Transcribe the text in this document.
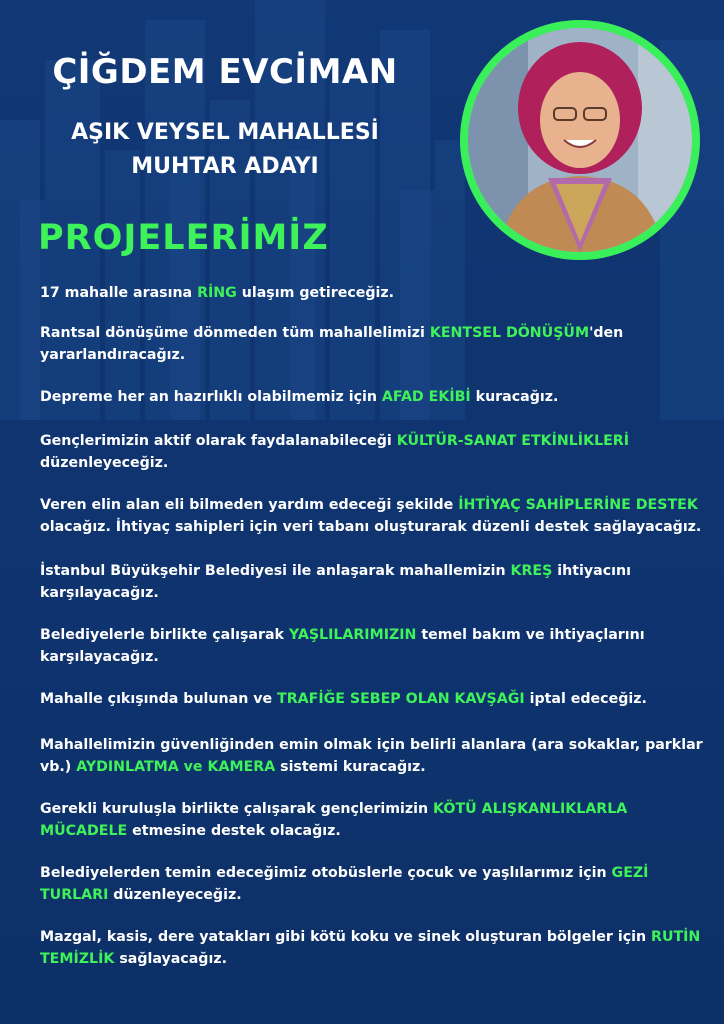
ÇİĞDEM EVCİMAN
AŞIK VEYSEL MAHALLESİ
MUHTAR ADAYI
PROJELERİMİZ
17 mahalle arasına RİNG ulaşım getireceğiz.
Rantsal dönüşüme dönmeden tüm mahallelimizi KENTSEL DÖNÜŞÜM'den yararlandıracağız.
Depreme her an hazırlıklı olabilmemiz için AFAD EKİBİ kuracağız.
Gençlerimizin aktif olarak faydalanabileceği KÜLTÜR-SANAT ETKİNLİKLERİ düzenleyeceğiz.
Veren elin alan eli bilmeden yardım edeceği şekilde İHTİYAÇ SAHİPLERİNE DESTEK olacağız. İhtiyaç sahipleri için veri tabanı oluşturarak düzenli destek sağlayacağız.
İstanbul Büyükşehir Belediyesi ile anlaşarak mahallemizin KREŞ ihtiyacını karşılayacağız.
Belediyelerle birlikte çalışarak YAŞLILARIMIZIN temel bakım ve ihtiyaçlarını karşılayacağız.
Mahalle çıkışında bulunan ve TRAFİĞE SEBEP OLAN KAVŞAĞI iptal edeceğiz.
Mahallelimizin güvenliğinden emin olmak için belirli alanlara (ara sokaklar, parklar vb.) AYDINLATMA ve KAMERA sistemi kuracağız.
Gerekli kuruluşla birlikte çalışarak gençlerimizin KÖTÜ ALIŞKANLIKLARLA MÜCADELE etmesine destek olacağız.
Belediyelerden temin edeceğimiz otobüslerle çocuk ve yaşlılarımız için GEZİ TURLARI düzenleyeceğiz.
Mazgal, kasis, dere yatakları gibi kötü koku ve sinek oluşturan bölgeler için RUTİN TEMİZLİK sağlayacağız.
